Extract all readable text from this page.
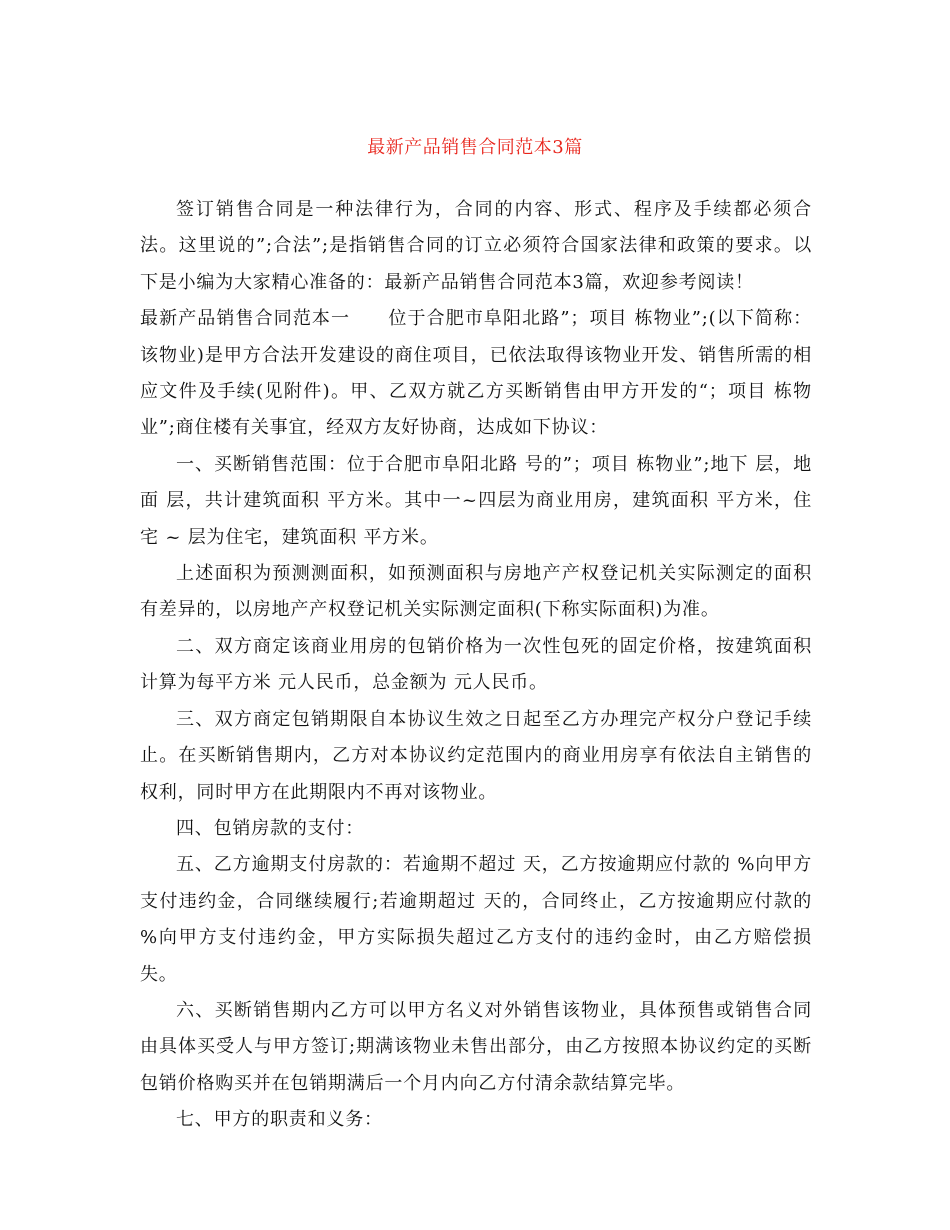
最新产品销售合同范本3篇

签订销售合同是一种法律行为，合同的内容、形式、程序及手续都必须合法。这里说的”;合法”;是指销售合同的订立必须符合国家法律和政策的要求。以下是小编为大家精心准备的：最新产品销售合同范本3篇，欢迎参考阅读！

最新产品销售合同范本一 位于合肥市阜阳北路”；项目 栋物业”;(以下简称：该物业)是甲方合法开发建设的商住项目，已依法取得该物业开发、销售所需的相应文件及手续(见附件)。甲、乙双方就乙方买断销售由甲方开发的“；项目 栋物业”;商住楼有关事宜，经双方友好协商，达成如下协议：

一、买断销售范围：位于合肥市阜阳北路 号的”；项目 栋物业”;地下 层，地面 层，共计建筑面积 平方米。其中一~四层为商业用房，建筑面积 平方米，住宅 ~ 层为住宅，建筑面积 平方米。

上述面积为预测测面积，如预测面积与房地产产权登记机关实际测定的面积有差异的，以房地产产权登记机关实际测定面积(下称实际面积)为准。

二、双方商定该商业用房的包销价格为一次性包死的固定价格，按建筑面积计算为每平方米 元人民币，总金额为 元人民币。

三、双方商定包销期限自本协议生效之日起至乙方办理完产权分户登记手续止。在买断销售期内，乙方对本协议约定范围内的商业用房享有依法自主销售的权利，同时甲方在此期限内不再对该物业。

四、包销房款的支付：

五、乙方逾期支付房款的：若逾期不超过 天，乙方按逾期应付款的 %向甲方支付违约金，合同继续履行;若逾期超过 天的，合同终止，乙方按逾期应付款的 %向甲方支付违约金，甲方实际损失超过乙方支付的违约金时，由乙方赔偿损失。

六、买断销售期内乙方可以甲方名义对外销售该物业，具体预售或销售合同由具体买受人与甲方签订;期满该物业未售出部分，由乙方按照本协议约定的买断包销价格购买并在包销期满后一个月内向乙方付清余款结算完毕。

七、甲方的职责和义务：
